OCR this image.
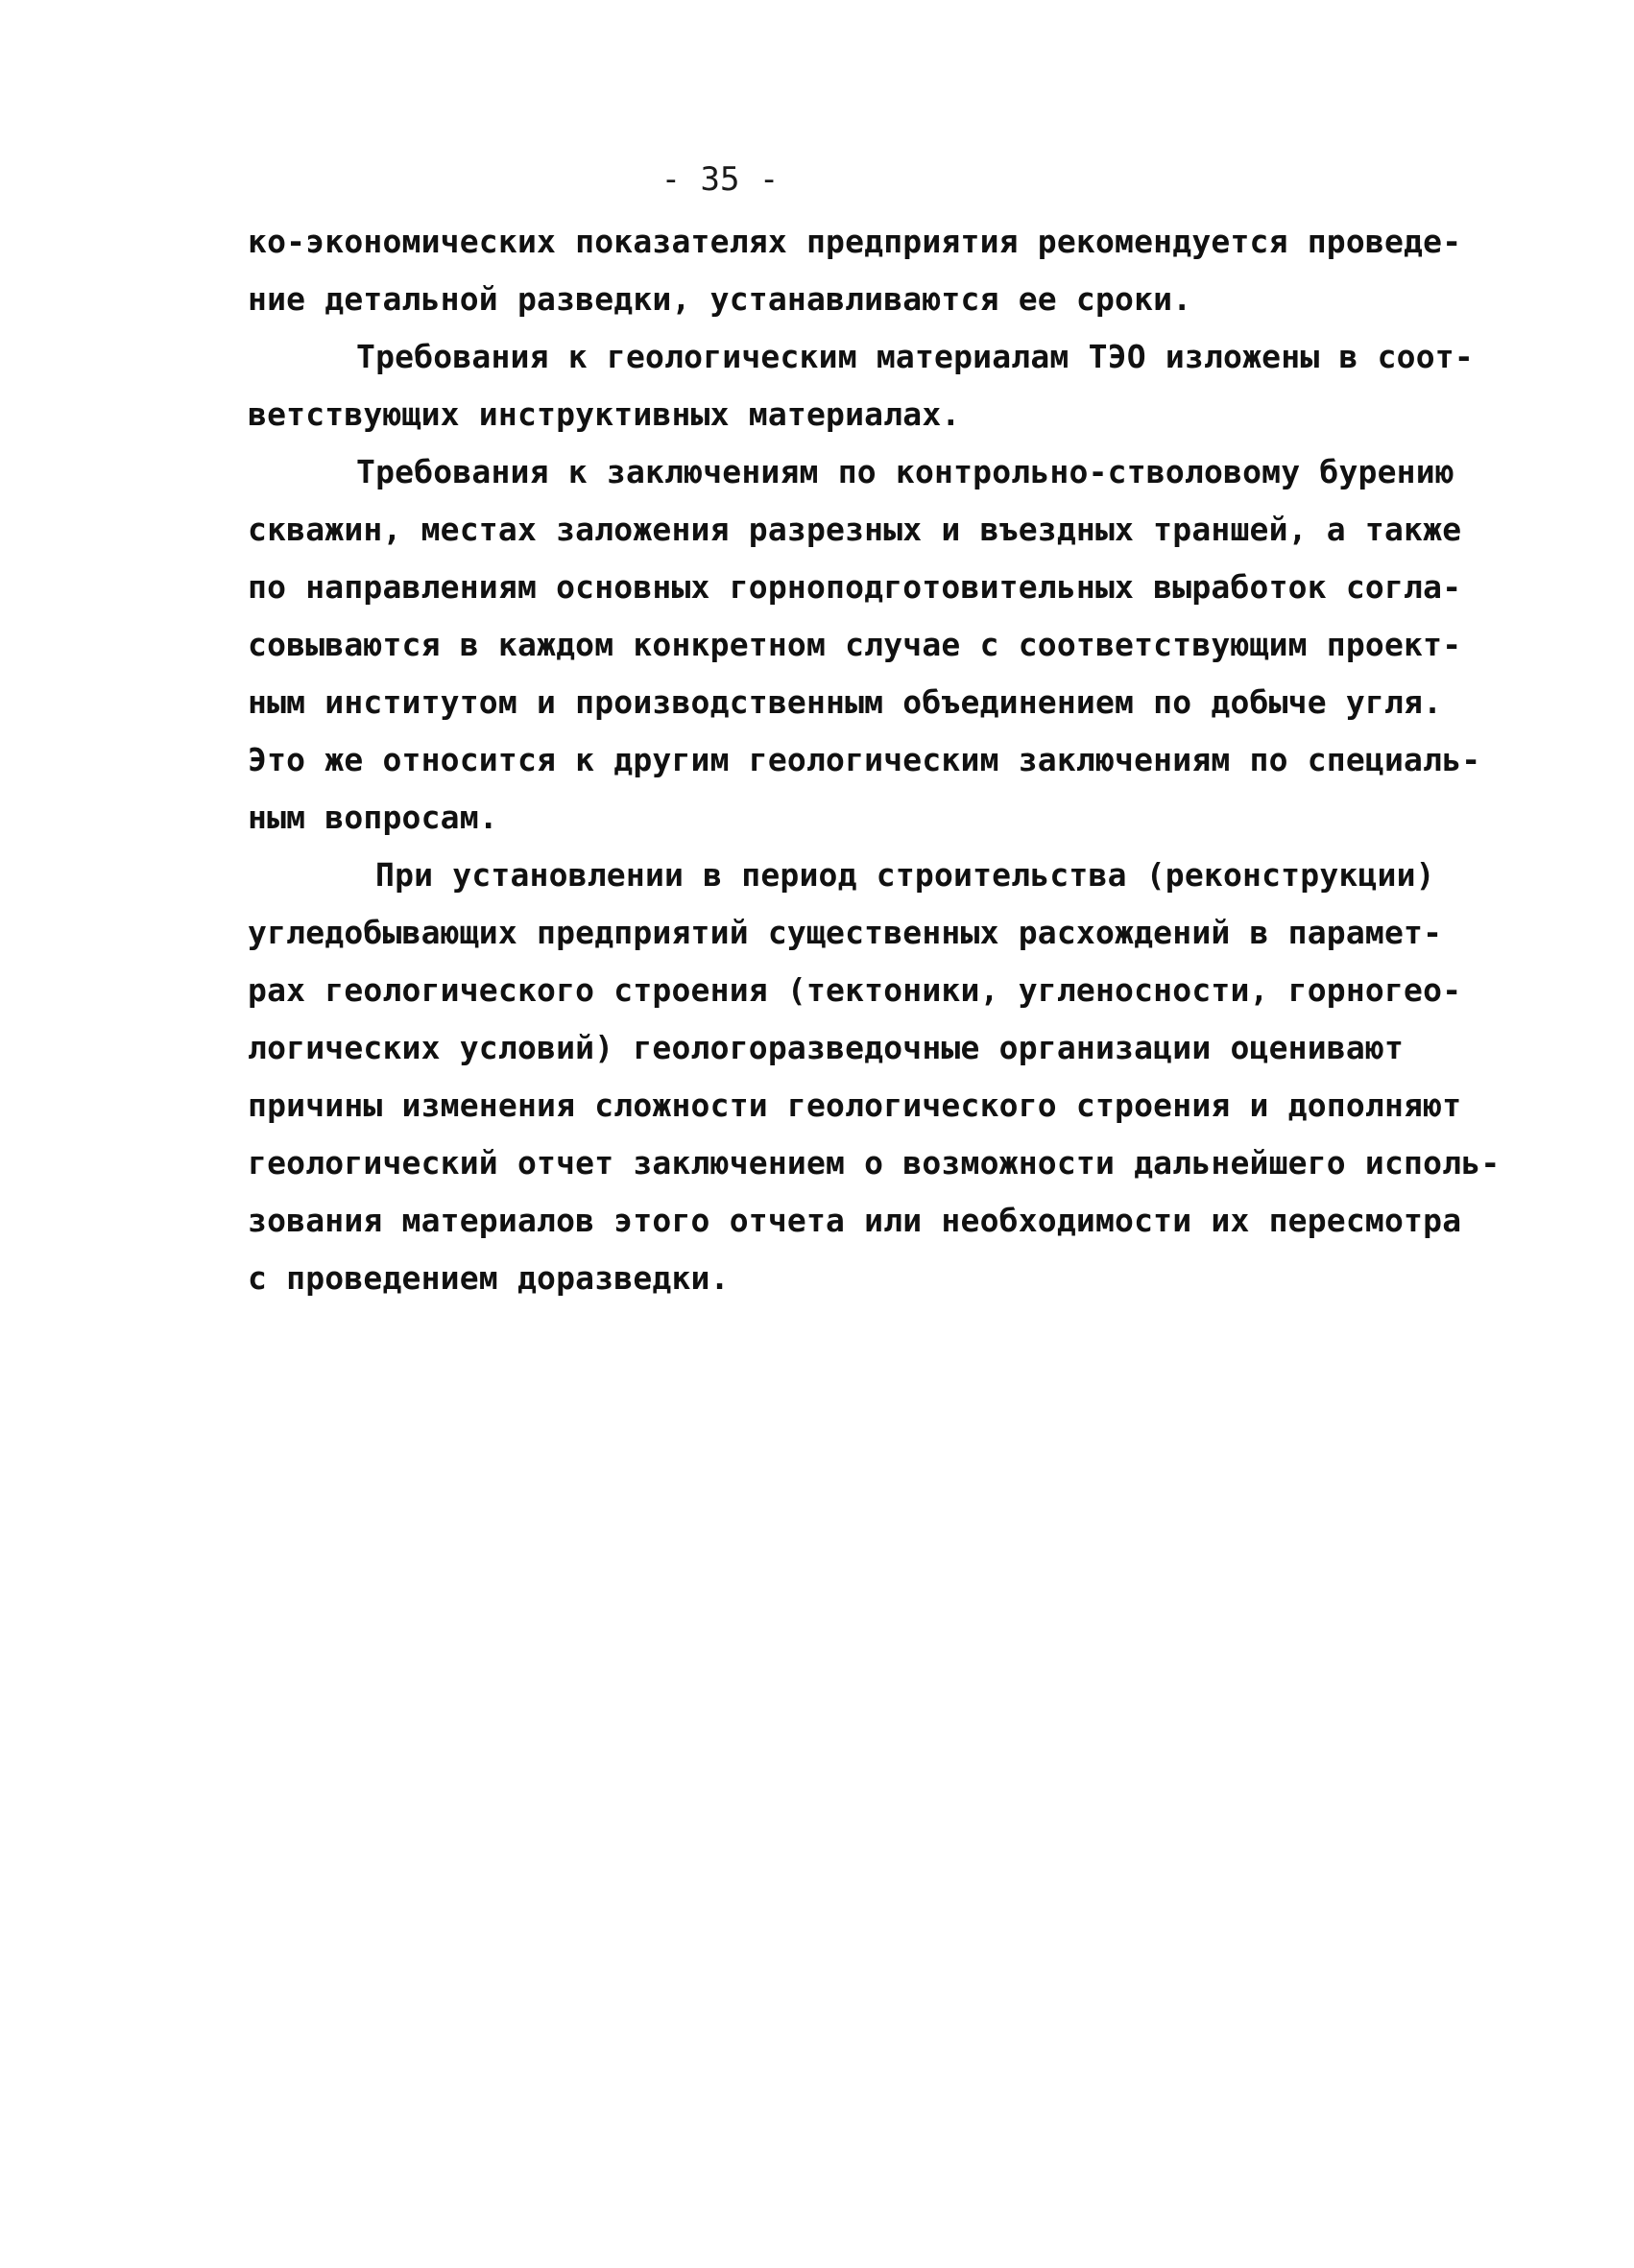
- 35 -
ко-экономических показателях предприятия рекомендуется проведе-
ние детальной разведки, устанавливаются ее сроки.
Требования к геологическим материалам ТЭО изложены в соот-
ветствующих инструктивных материалах.
Требования к заключениям по контрольно-стволовому бурению
скважин, местах заложения разрезных и въездных траншей, а также
по направлениям основных горноподготовительных выработок согла-
совываются в каждом конкретном случае с соответствующим проект-
ным институтом и производственным объединением по добыче угля.
Это же относится к другим геологическим заключениям по специаль-
ным вопросам.
При установлении в период строительства (реконструкции)
угледобывающих предприятий существенных расхождений в парамет-
рах геологического строения (тектоники, угленосности, горногео-
логических условий) геологоразведочные организации оценивают
причины изменения сложности геологического строения и дополняют
геологический отчет заключением о возможности дальнейшего исполь-
зования материалов этого отчета или необходимости их пересмотра
с проведением доразведки.
